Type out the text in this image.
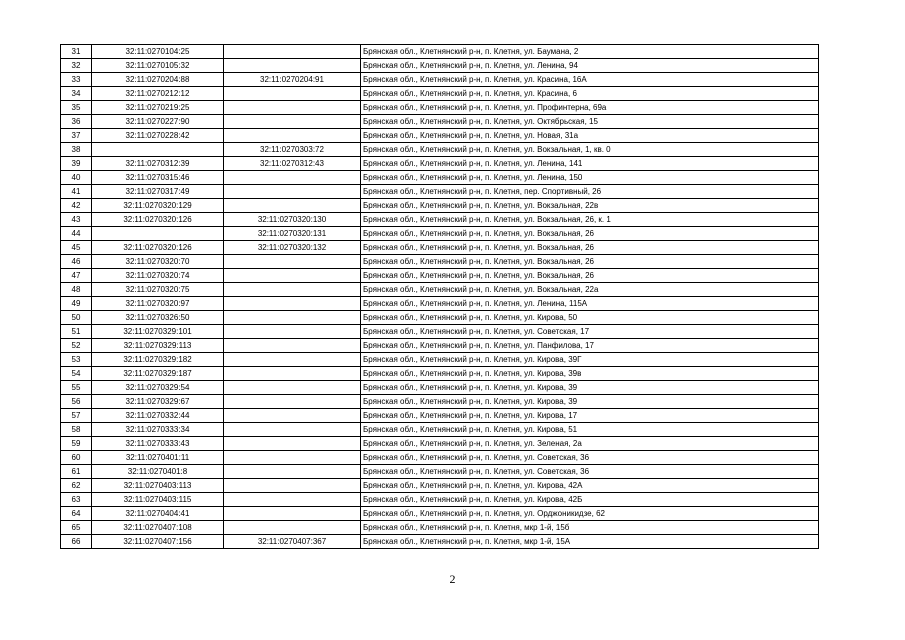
31	32:11:0270104:25		Брянская обл., Клетнянский р-н, п. Клетня, ул. Баумана, 2
32	32:11:0270105:32		Брянская обл., Клетнянский р-н, п. Клетня, ул. Ленина, 94
33	32:11:0270204:88	32:11:0270204:91	Брянская обл., Клетнянский р-н, п. Клетня, ул. Красина, 16А
34	32:11:0270212:12		Брянская обл., Клетнянский р-н, п. Клетня, ул. Красина, 6
35	32:11:0270219:25		Брянская обл., Клетнянский р-н, п. Клетня, ул. Профинтерна, 69а
36	32:11:0270227:90		Брянская обл., Клетнянский р-н, п. Клетня, ул. Октябрьская, 15
37	32:11:0270228:42		Брянская обл., Клетнянский р-н, п. Клетня, ул. Новая, 31а
38		32:11:0270303:72	Брянская обл., Клетнянский р-н, п. Клетня, ул. Вокзальная, 1, кв. 0
39	32:11:0270312:39	32:11:0270312:43	Брянская обл., Клетнянский р-н, п. Клетня, ул. Ленина, 141
40	32:11:0270315:46		Брянская обл., Клетнянский р-н, п. Клетня, ул. Ленина, 150
41	32:11:0270317:49		Брянская обл., Клетнянский р-н, п. Клетня, пер. Спортивный, 26
42	32:11:0270320:129		Брянская обл., Клетнянский р-н, п. Клетня, ул. Вокзальная, 22в
43	32:11:0270320:126	32:11:0270320:130	Брянская обл., Клетнянский р-н, п. Клетня, ул. Вокзальная, 26, к. 1
44		32:11:0270320:131	Брянская обл., Клетнянский р-н, п. Клетня, ул. Вокзальная, 26
45	32:11:0270320:126	32:11:0270320:132	Брянская обл., Клетнянский р-н, п. Клетня, ул. Вокзальная, 26
46	32:11:0270320:70		Брянская обл., Клетнянский р-н, п. Клетня, ул. Вокзальная, 26
47	32:11:0270320:74		Брянская обл., Клетнянский р-н, п. Клетня, ул. Вокзальная, 26
48	32:11:0270320:75		Брянская обл., Клетнянский р-н, п. Клетня, ул. Вокзальная, 22а
49	32:11:0270320:97		Брянская обл., Клетнянский р-н, п. Клетня, ул. Ленина, 115А
50	32:11:0270326:50		Брянская обл., Клетнянский р-н, п. Клетня, ул. Кирова, 50
51	32:11:0270329:101		Брянская обл., Клетнянский р-н, п. Клетня, ул. Советская, 17
52	32:11:0270329:113		Брянская обл., Клетнянский р-н, п. Клетня, ул. Панфилова, 17
53	32:11:0270329:182		Брянская обл., Клетнянский р-н, п. Клетня, ул. Кирова, 39Г
54	32:11:0270329:187		Брянская обл., Клетнянский р-н, п. Клетня, ул. Кирова, 39в
55	32:11:0270329:54		Брянская обл., Клетнянский р-н, п. Клетня, ул. Кирова, 39
56	32:11:0270329:67		Брянская обл., Клетнянский р-н, п. Клетня, ул. Кирова, 39
57	32:11:0270332:44		Брянская обл., Клетнянский р-н, п. Клетня, ул. Кирова, 17
58	32:11:0270333:34		Брянская обл., Клетнянский р-н, п. Клетня, ул. Кирова, 51
59	32:11:0270333:43		Брянская обл., Клетнянский р-н, п. Клетня, ул. Зеленая, 2а
60	32:11:0270401:11		Брянская обл., Клетнянский р-н, п. Клетня, ул. Советская, 36
61	32:11:0270401:8		Брянская обл., Клетнянский р-н, п. Клетня, ул. Советская, 36
62	32:11:0270403:113		Брянская обл., Клетнянский р-н, п. Клетня, ул. Кирова, 42А
63	32:11:0270403:115		Брянская обл., Клетнянский р-н, п. Клетня, ул. Кирова, 42Б
64	32:11:0270404:41		Брянская обл., Клетнянский р-н, п. Клетня, ул. Орджоникидзе, 62
65	32:11:0270407:108		Брянская обл., Клетнянский р-н, п. Клетня, мкр 1-й, 15б
66	32:11:0270407:156	32:11:0270407:367	Брянская обл., Клетнянский р-н, п. Клетня, мкр 1-й, 15А
2
